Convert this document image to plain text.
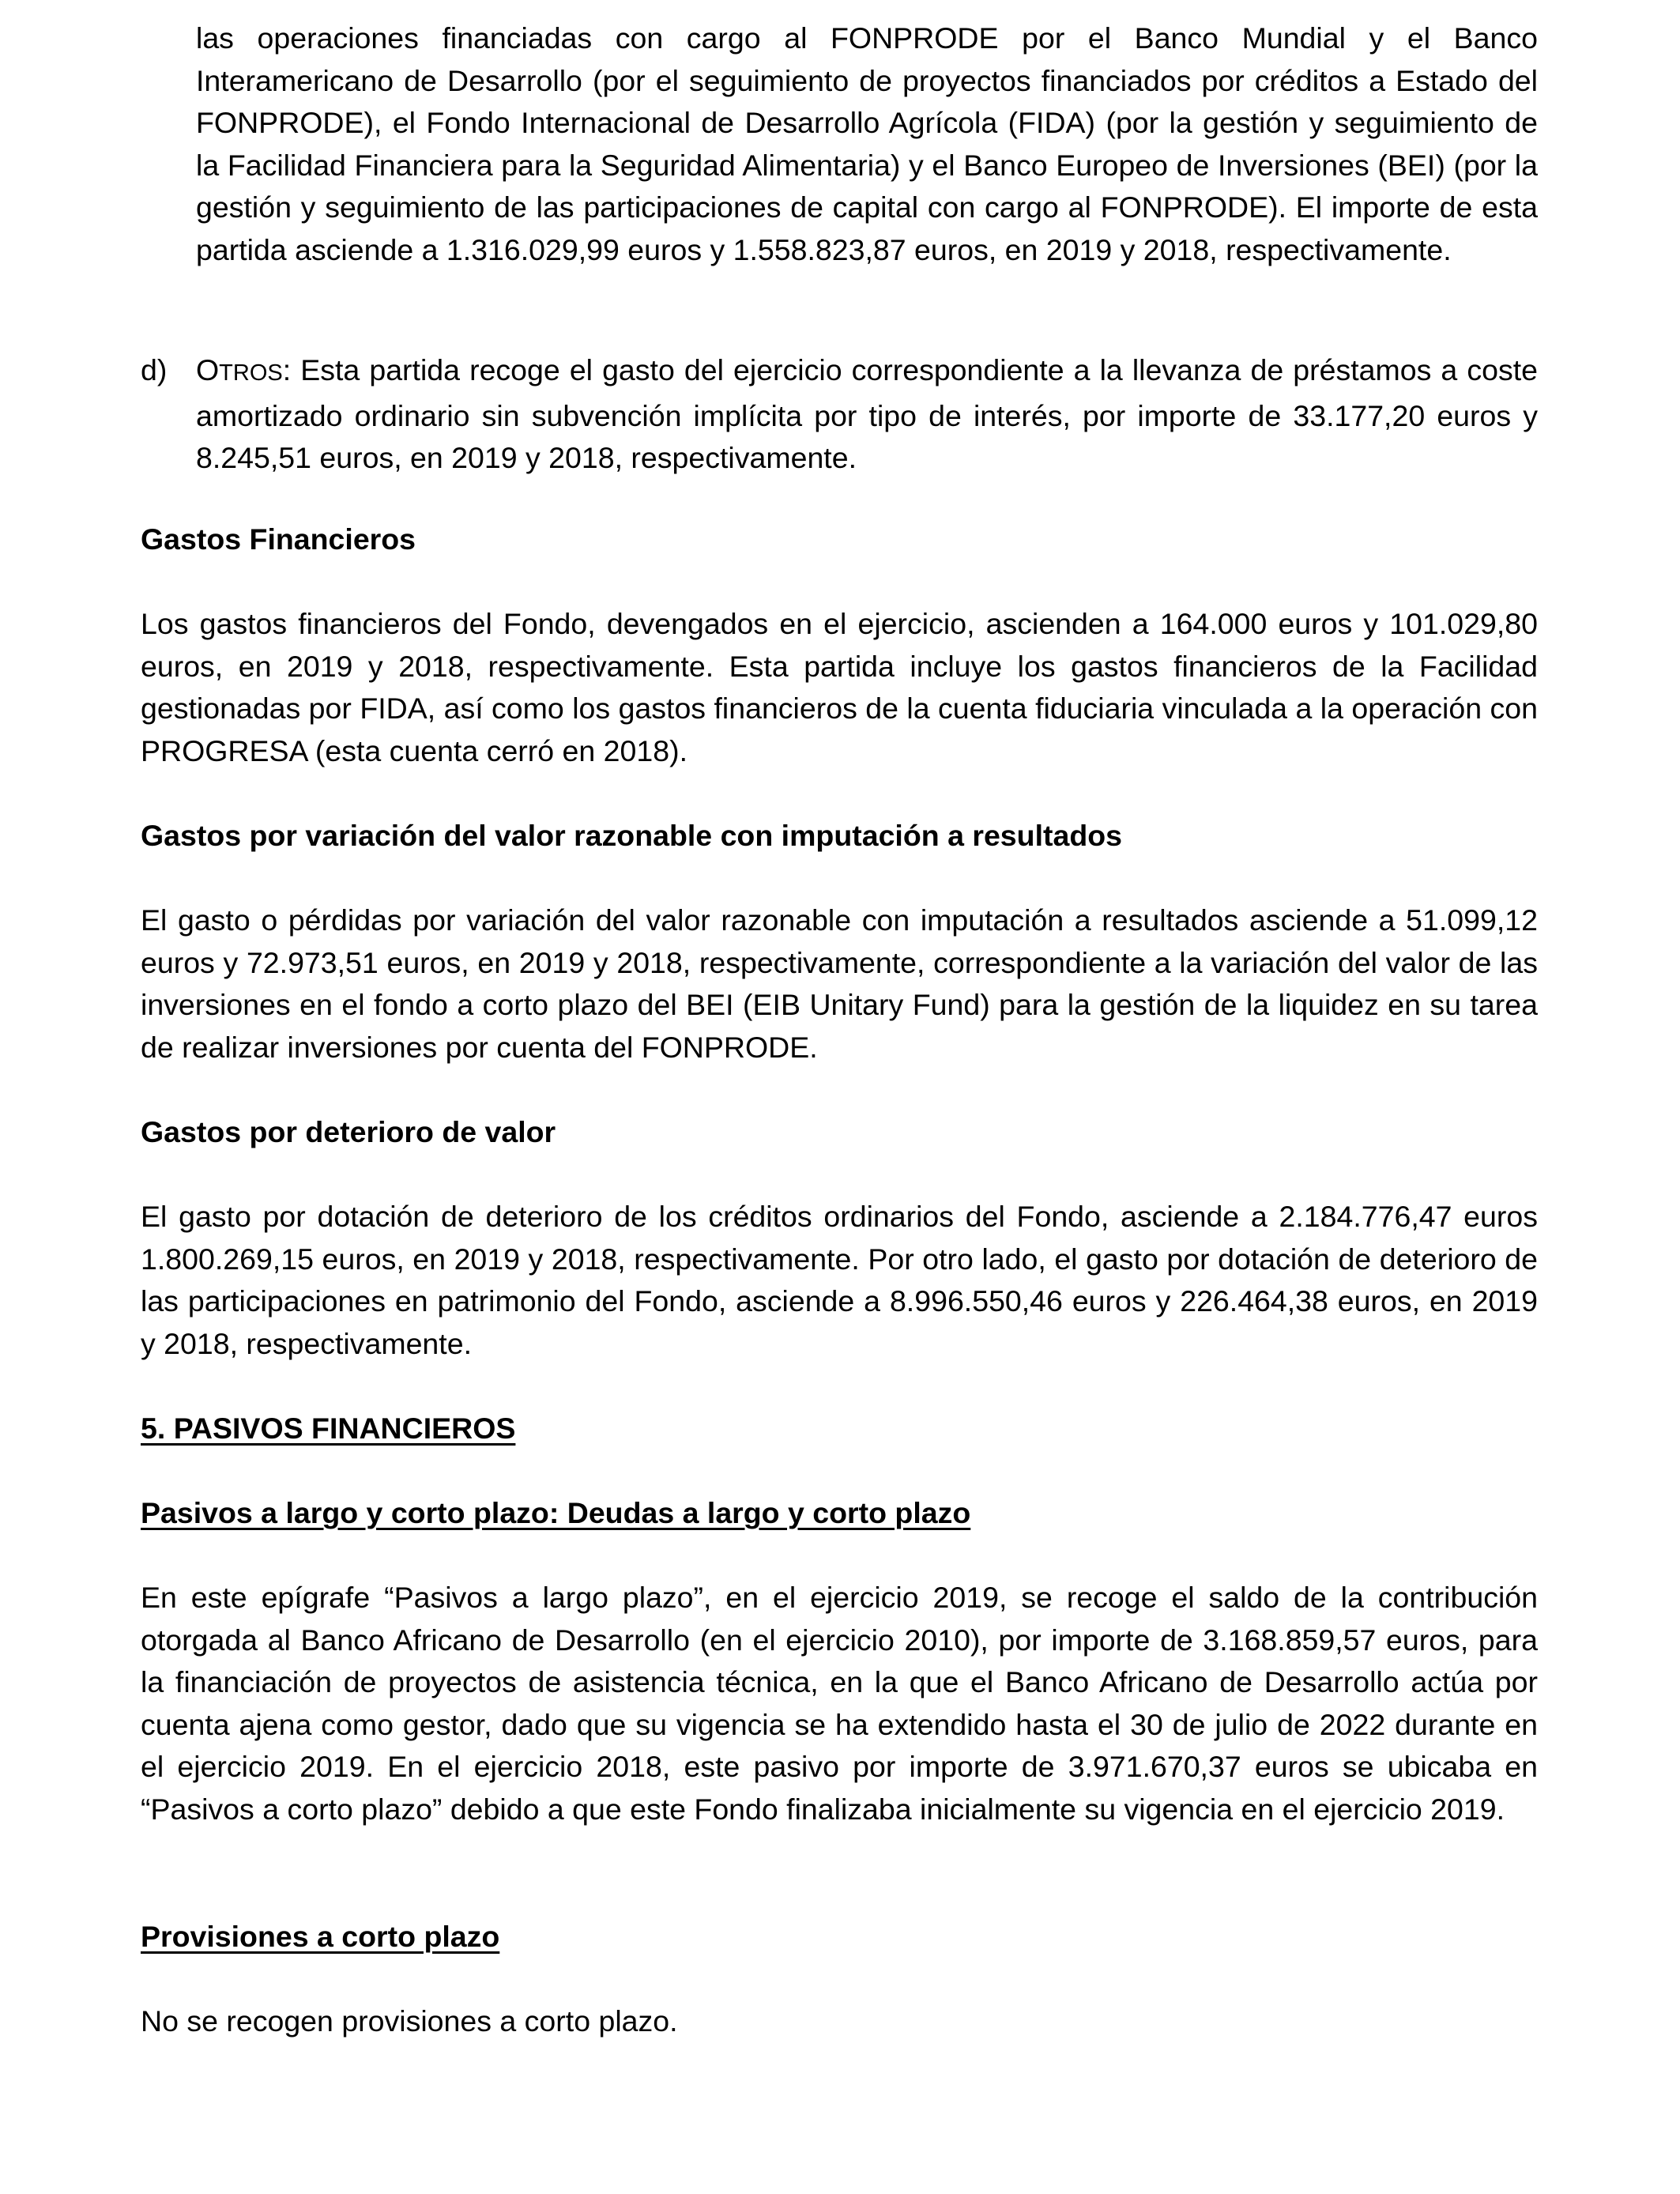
las operaciones financiadas con cargo al FONPRODE por el Banco Mundial y el Banco Interamericano de Desarrollo (por el seguimiento de proyectos financiados por créditos a Estado del FONPRODE), el Fondo Internacional de Desarrollo Agrícola (FIDA) (por la gestión y seguimiento de la Facilidad Financiera para la Seguridad Alimentaria) y el Banco Europeo de Inversiones (BEI) (por la gestión y seguimiento de las participaciones de capital con cargo al FONPRODE). El importe de esta partida asciende a 1.316.029,99 euros y 1.558.823,87 euros, en 2019 y 2018, respectivamente.

d) OTROS: Esta partida recoge el gasto del ejercicio correspondiente a la llevanza de préstamos a coste amortizado ordinario sin subvención implícita por tipo de interés, por importe de 33.177,20 euros y 8.245,51 euros, en 2019 y 2018, respectivamente.

Gastos Financieros

Los gastos financieros del Fondo, devengados en el ejercicio, ascienden a 164.000 euros y 101.029,80 euros, en 2019 y 2018, respectivamente. Esta partida incluye los gastos financieros de la Facilidad gestionadas por FIDA, así como los gastos financieros de la cuenta fiduciaria vinculada a la operación con PROGRESA (esta cuenta cerró en 2018).

Gastos por variación del valor razonable con imputación a resultados

El gasto o pérdidas por variación del valor razonable con imputación a resultados asciende a 51.099,12 euros y 72.973,51 euros, en 2019 y 2018, respectivamente, correspondiente a la variación del valor de las inversiones en el fondo a corto plazo del BEI (EIB Unitary Fund) para la gestión de la liquidez en su tarea de realizar inversiones por cuenta del FONPRODE.

Gastos por deterioro de valor

El gasto por dotación de deterioro de los créditos ordinarios del Fondo, asciende a 2.184.776,47 euros 1.800.269,15 euros, en 2019 y 2018, respectivamente. Por otro lado, el gasto por dotación de deterioro de las participaciones en patrimonio del Fondo, asciende a 8.996.550,46 euros y 226.464,38 euros, en 2019 y 2018, respectivamente.

5. PASIVOS FINANCIEROS
Pasivos a largo y corto plazo: Deudas a largo y corto plazo

En este epígrafe “Pasivos a largo plazo”, en el ejercicio 2019, se recoge el saldo de la contribución otorgada al Banco Africano de Desarrollo (en el ejercicio 2010), por importe de 3.168.859,57 euros, para la financiación de proyectos de asistencia técnica, en la que el Banco Africano de Desarrollo actúa por cuenta ajena como gestor, dado que su vigencia se ha extendido hasta el 30 de julio de 2022 durante en el ejercicio 2019. En el ejercicio 2018, este pasivo por importe de 3.971.670,37 euros se ubicaba en “Pasivos a corto plazo” debido a que este Fondo finalizaba inicialmente su vigencia en el ejercicio 2019.

Provisiones a corto plazo

No se recogen provisiones a corto plazo.
